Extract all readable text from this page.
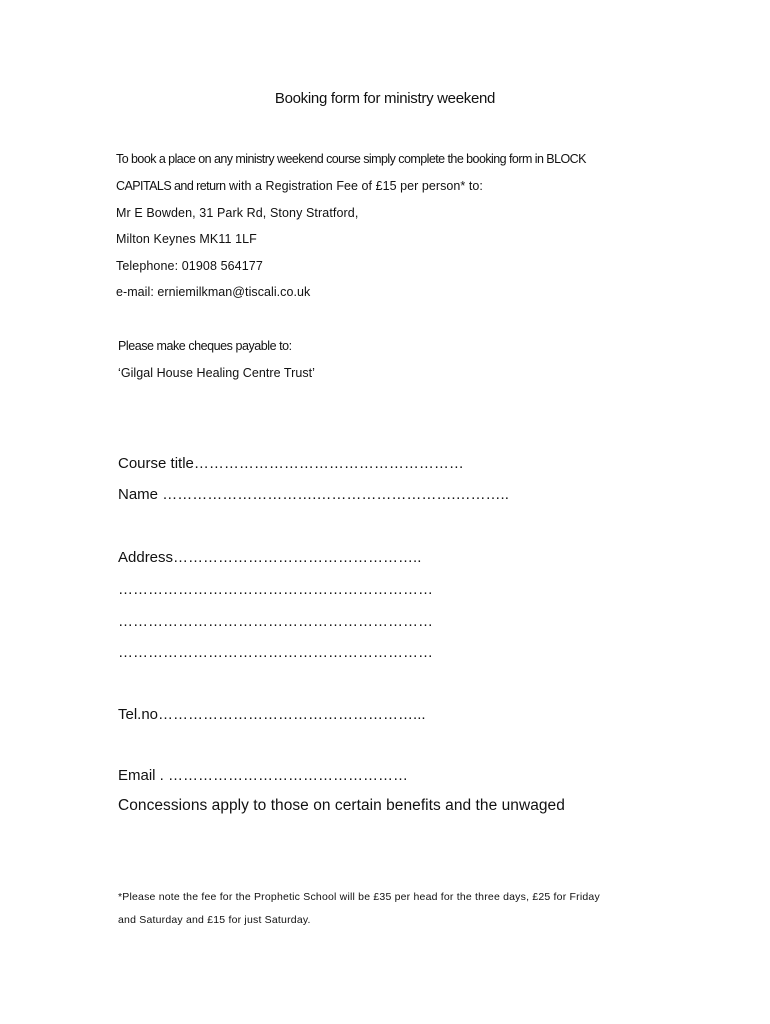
Booking form for ministry weekend

To book a place on any ministry weekend course simply complete the booking form in BLOCK

CAPITALS and return with a Registration Fee of £15 per person* to:

Mr E Bowden, 31 Park Rd, Stony Stratford,

Milton Keynes MK11 1LF

Telephone: 01908 564177

e-mail: erniemilkman@tiscali.co.uk

Please make cheques payable to:

‘Gilgal House Healing Centre Trust’

Course title………………………………………………

Name ………………………….……………………….………..

Address…………………………………………..

………………………………………………………

………………………………………………………

………………………………………………………

Tel.no……………………………………………...

Email . …………………………………………

Concessions apply to those on certain benefits and the unwaged

*Please note the fee for the Prophetic School will be £35 per head for the three days, £25 for Friday

and Saturday and £15 for just Saturday.
